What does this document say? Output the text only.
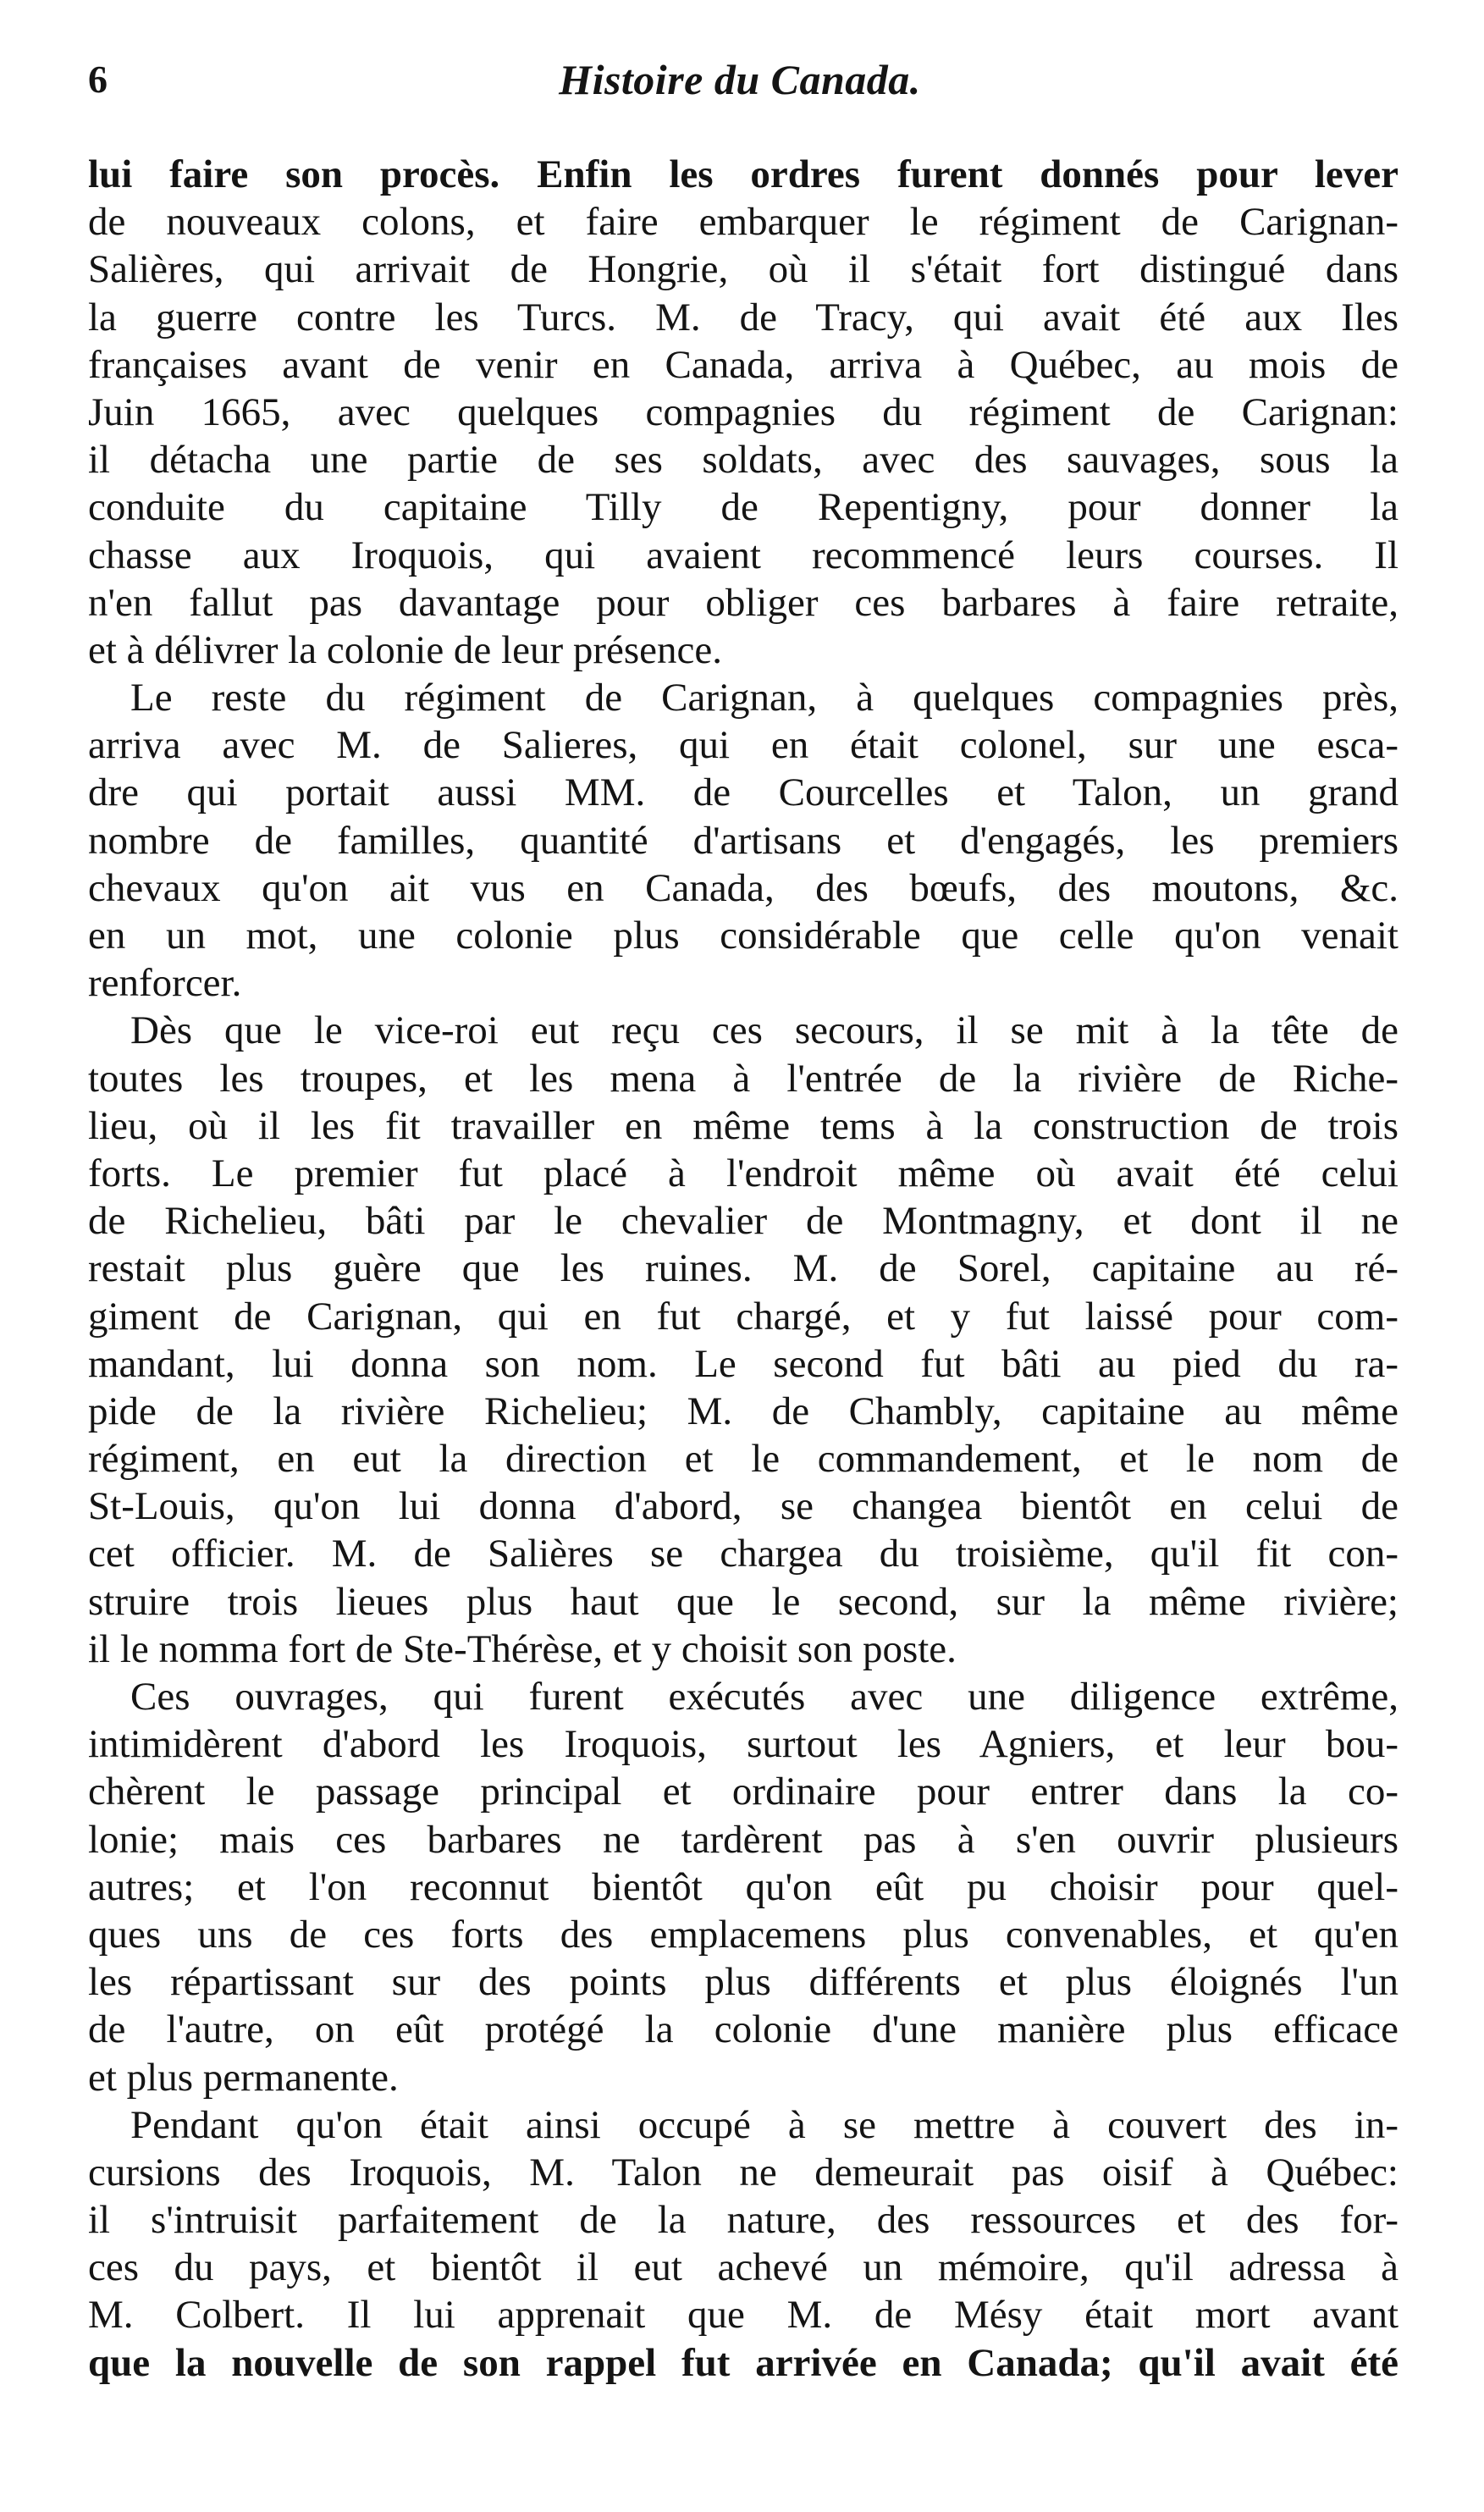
6	Histoire du Canada.
lui faire son procès. Enfin les ordres furent donnés pour lever
de nouveaux colons, et faire embarquer le régiment de Carignan-
Salières, qui arrivait de Hongrie, où il s'était fort distingué dans
la guerre contre les Turcs. M. de Tracy, qui avait été aux Iles
françaises avant de venir en Canada, arriva à Québec, au mois de
Juin 1665, avec quelques compagnies du régiment de Carignan:
il détacha une partie de ses soldats, avec des sauvages, sous la
conduite du capitaine Tilly de Repentigny, pour donner la
chasse aux Iroquois, qui avaient recommencé leurs courses. Il
n'en fallut pas davantage pour obliger ces barbares à faire retraite,
et à délivrer la colonie de leur présence.
Le reste du régiment de Carignan, à quelques compagnies près,
arriva avec M. de Salieres, qui en était colonel, sur une esca-
dre qui portait aussi MM. de Courcelles et Talon, un grand
nombre de familles, quantité d'artisans et d'engagés, les premiers
chevaux qu'on ait vus en Canada, des bœufs, des moutons, &c.
en un mot, une colonie plus considérable que celle qu'on venait
renforcer.
Dès que le vice-roi eut reçu ces secours, il se mit à la tête de
toutes les troupes, et les mena à l'entrée de la rivière de Riche-
lieu, où il les fit travailler en même tems à la construction de trois
forts. Le premier fut placé à l'endroit même où avait été celui
de Richelieu, bâti par le chevalier de Montmagny, et dont il ne
restait plus guère que les ruines. M. de Sorel, capitaine au ré-
giment de Carignan, qui en fut chargé, et y fut laissé pour com-
mandant, lui donna son nom. Le second fut bâti au pied du ra-
pide de la rivière Richelieu; M. de Chambly, capitaine au même
régiment, en eut la direction et le commandement, et le nom de
St-Louis, qu'on lui donna d'abord, se changea bientôt en celui de
cet officier. M. de Salières se chargea du troisième, qu'il fit con-
struire trois lieues plus haut que le second, sur la même rivière;
il le nomma fort de Ste-Thérèse, et y choisit son poste.
Ces ouvrages, qui furent exécutés avec une diligence extrême,
intimidèrent d'abord les Iroquois, surtout les Agniers, et leur bou-
chèrent le passage principal et ordinaire pour entrer dans la co-
lonie; mais ces barbares ne tardèrent pas à s'en ouvrir plusieurs
autres; et l'on reconnut bientôt qu'on eût pu choisir pour quel-
ques uns de ces forts des emplacemens plus convenables, et qu'en
les répartissant sur des points plus différents et plus éloignés l'un
de l'autre, on eût protégé la colonie d'une manière plus efficace
et plus permanente.
Pendant qu'on était ainsi occupé à se mettre à couvert des in-
cursions des Iroquois, M. Talon ne demeurait pas oisif à Québec:
il s'intruisit parfaitement de la nature, des ressources et des for-
ces du pays, et bientôt il eut achevé un mémoire, qu'il adressa à
M. Colbert. Il lui apprenait que M. de Mésy était mort avant
que la nouvelle de son rappel fut arrivée en Canada; qu'il avait été
